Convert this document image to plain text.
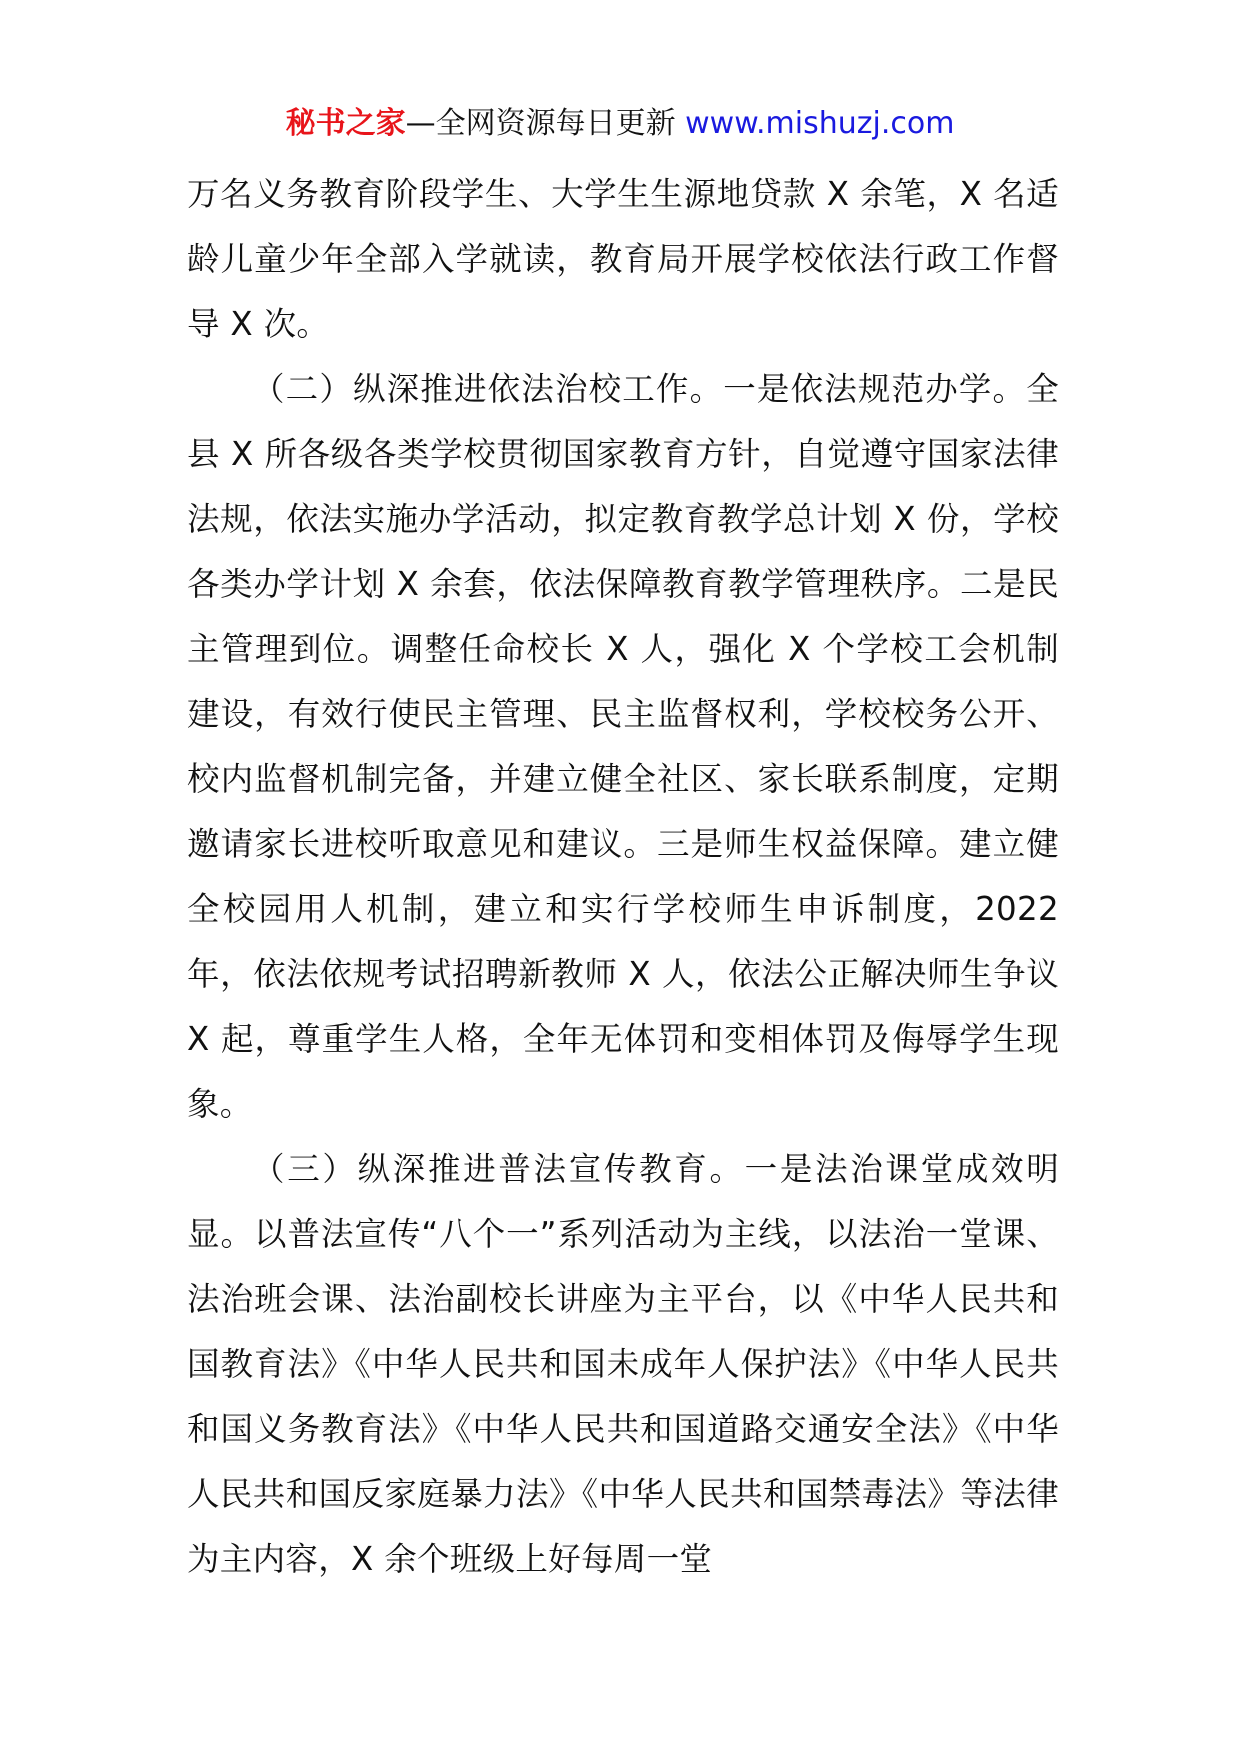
秘书之家—全网资源每日更新 www.mishuzj.com

万名义务教育阶段学生、大学生生源地贷款 X 余笔，X 名适龄儿童少年全部入学就读，教育局开展学校依法行政工作督导 X 次。

（二）纵深推进依法治校工作。一是依法规范办学。全县 X 所各级各类学校贯彻国家教育方针，自觉遵守国家法律法规，依法实施办学活动，拟定教育教学总计划 X 份，学校各类办学计划 X 余套，依法保障教育教学管理秩序。二是民主管理到位。调整任命校长 X 人，强化 X 个学校工会机制建设，有效行使民主管理、民主监督权利，学校校务公开、校内监督机制完备，并建立健全社区、家长联系制度，定期邀请家长进校听取意见和建议。三是师生权益保障。建立健全校园用人机制，建立和实行学校师生申诉制度，2022 年，依法依规考试招聘新教师 X 人，依法公正解决师生争议 X 起，尊重学生人格，全年无体罚和变相体罚及侮辱学生现象。

（三）纵深推进普法宣传教育。一是法治课堂成效明显。以普法宣传“八个一”系列活动为主线，以法治一堂课、法治班会课、法治副校长讲座为主平台，以《中华人民共和国教育法》《中华人民共和国未成年人保护法》《中华人民共和国义务教育法》《中华人民共和国道路交通安全法》《中华人民共和国反家庭暴力法》《中华人民共和国禁毒法》等法律为主内容，X 余个班级上好每周一堂
